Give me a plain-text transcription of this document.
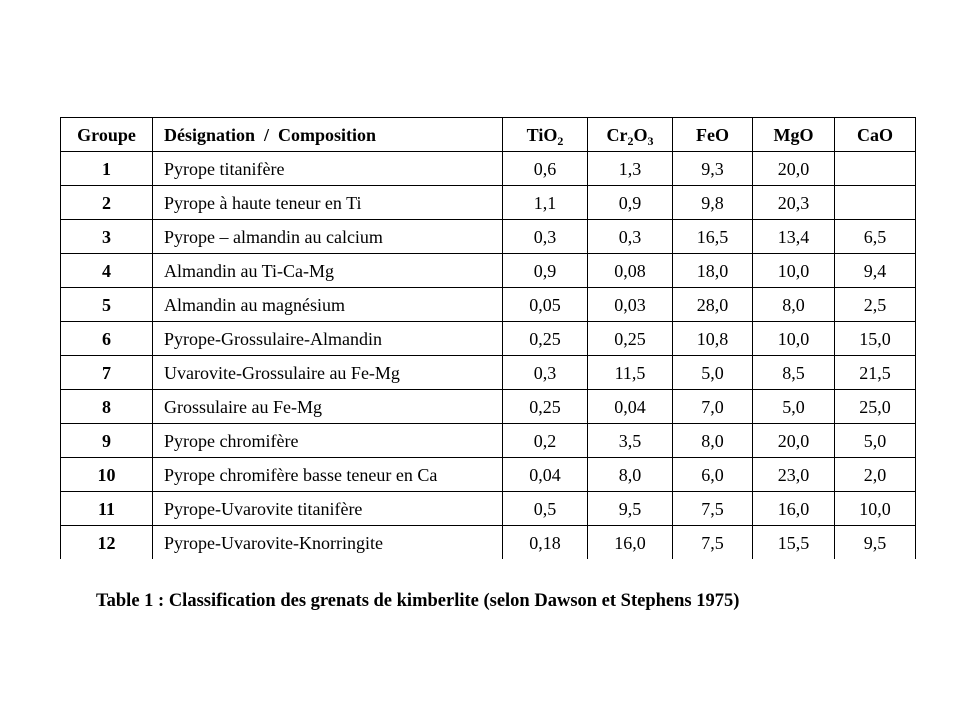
Groupe	Désignation  /  Composition	TiO$_2$	$Cr_2O_3$	FeO	MgO	CaO
1	Pyrope titanifère	0,6	1,3	9,3	20,0	
2	Pyrope à haute teneur en Ti	1,1	0,9	9,8	20,3	
3	Pyrope – almandin au calcium	0,3	0,3	16,5	13,4	6,5
4	Almandin au Ti-Ca-Mg	0,9	0,08	18,0	10,0	9,4
5	Almandin au magnésium	0,05	0,03	28,0	8,0	2,5
6	Pyrope-Grossulaire-Almandin	0,25	0,25	10,8	10,0	15,0
7	Uvarovite-Grossulaire au Fe-Mg	0,3	11,5	5,0	8,5	21,5
8	Grossulaire au Fe-Mg	0,25	0,04	7,0	5,0	25,0
9	Pyrope chromifère	0,2	3,5	8,0	20,0	5,0
10	Pyrope chromifère basse teneur en Ca	0,04	8,0	6,0	23,0	2,0
11	Pyrope-Uvarovite titanifère	0,5	9,5	7,5	16,0	10,0
12	Pyrope-Uvarovite-Knorringite	0,18	16,0	7,5	15,5	9,5
Table 1 : Classification des grenats de kimberlite (selon Dawson et Stephens 1975)
